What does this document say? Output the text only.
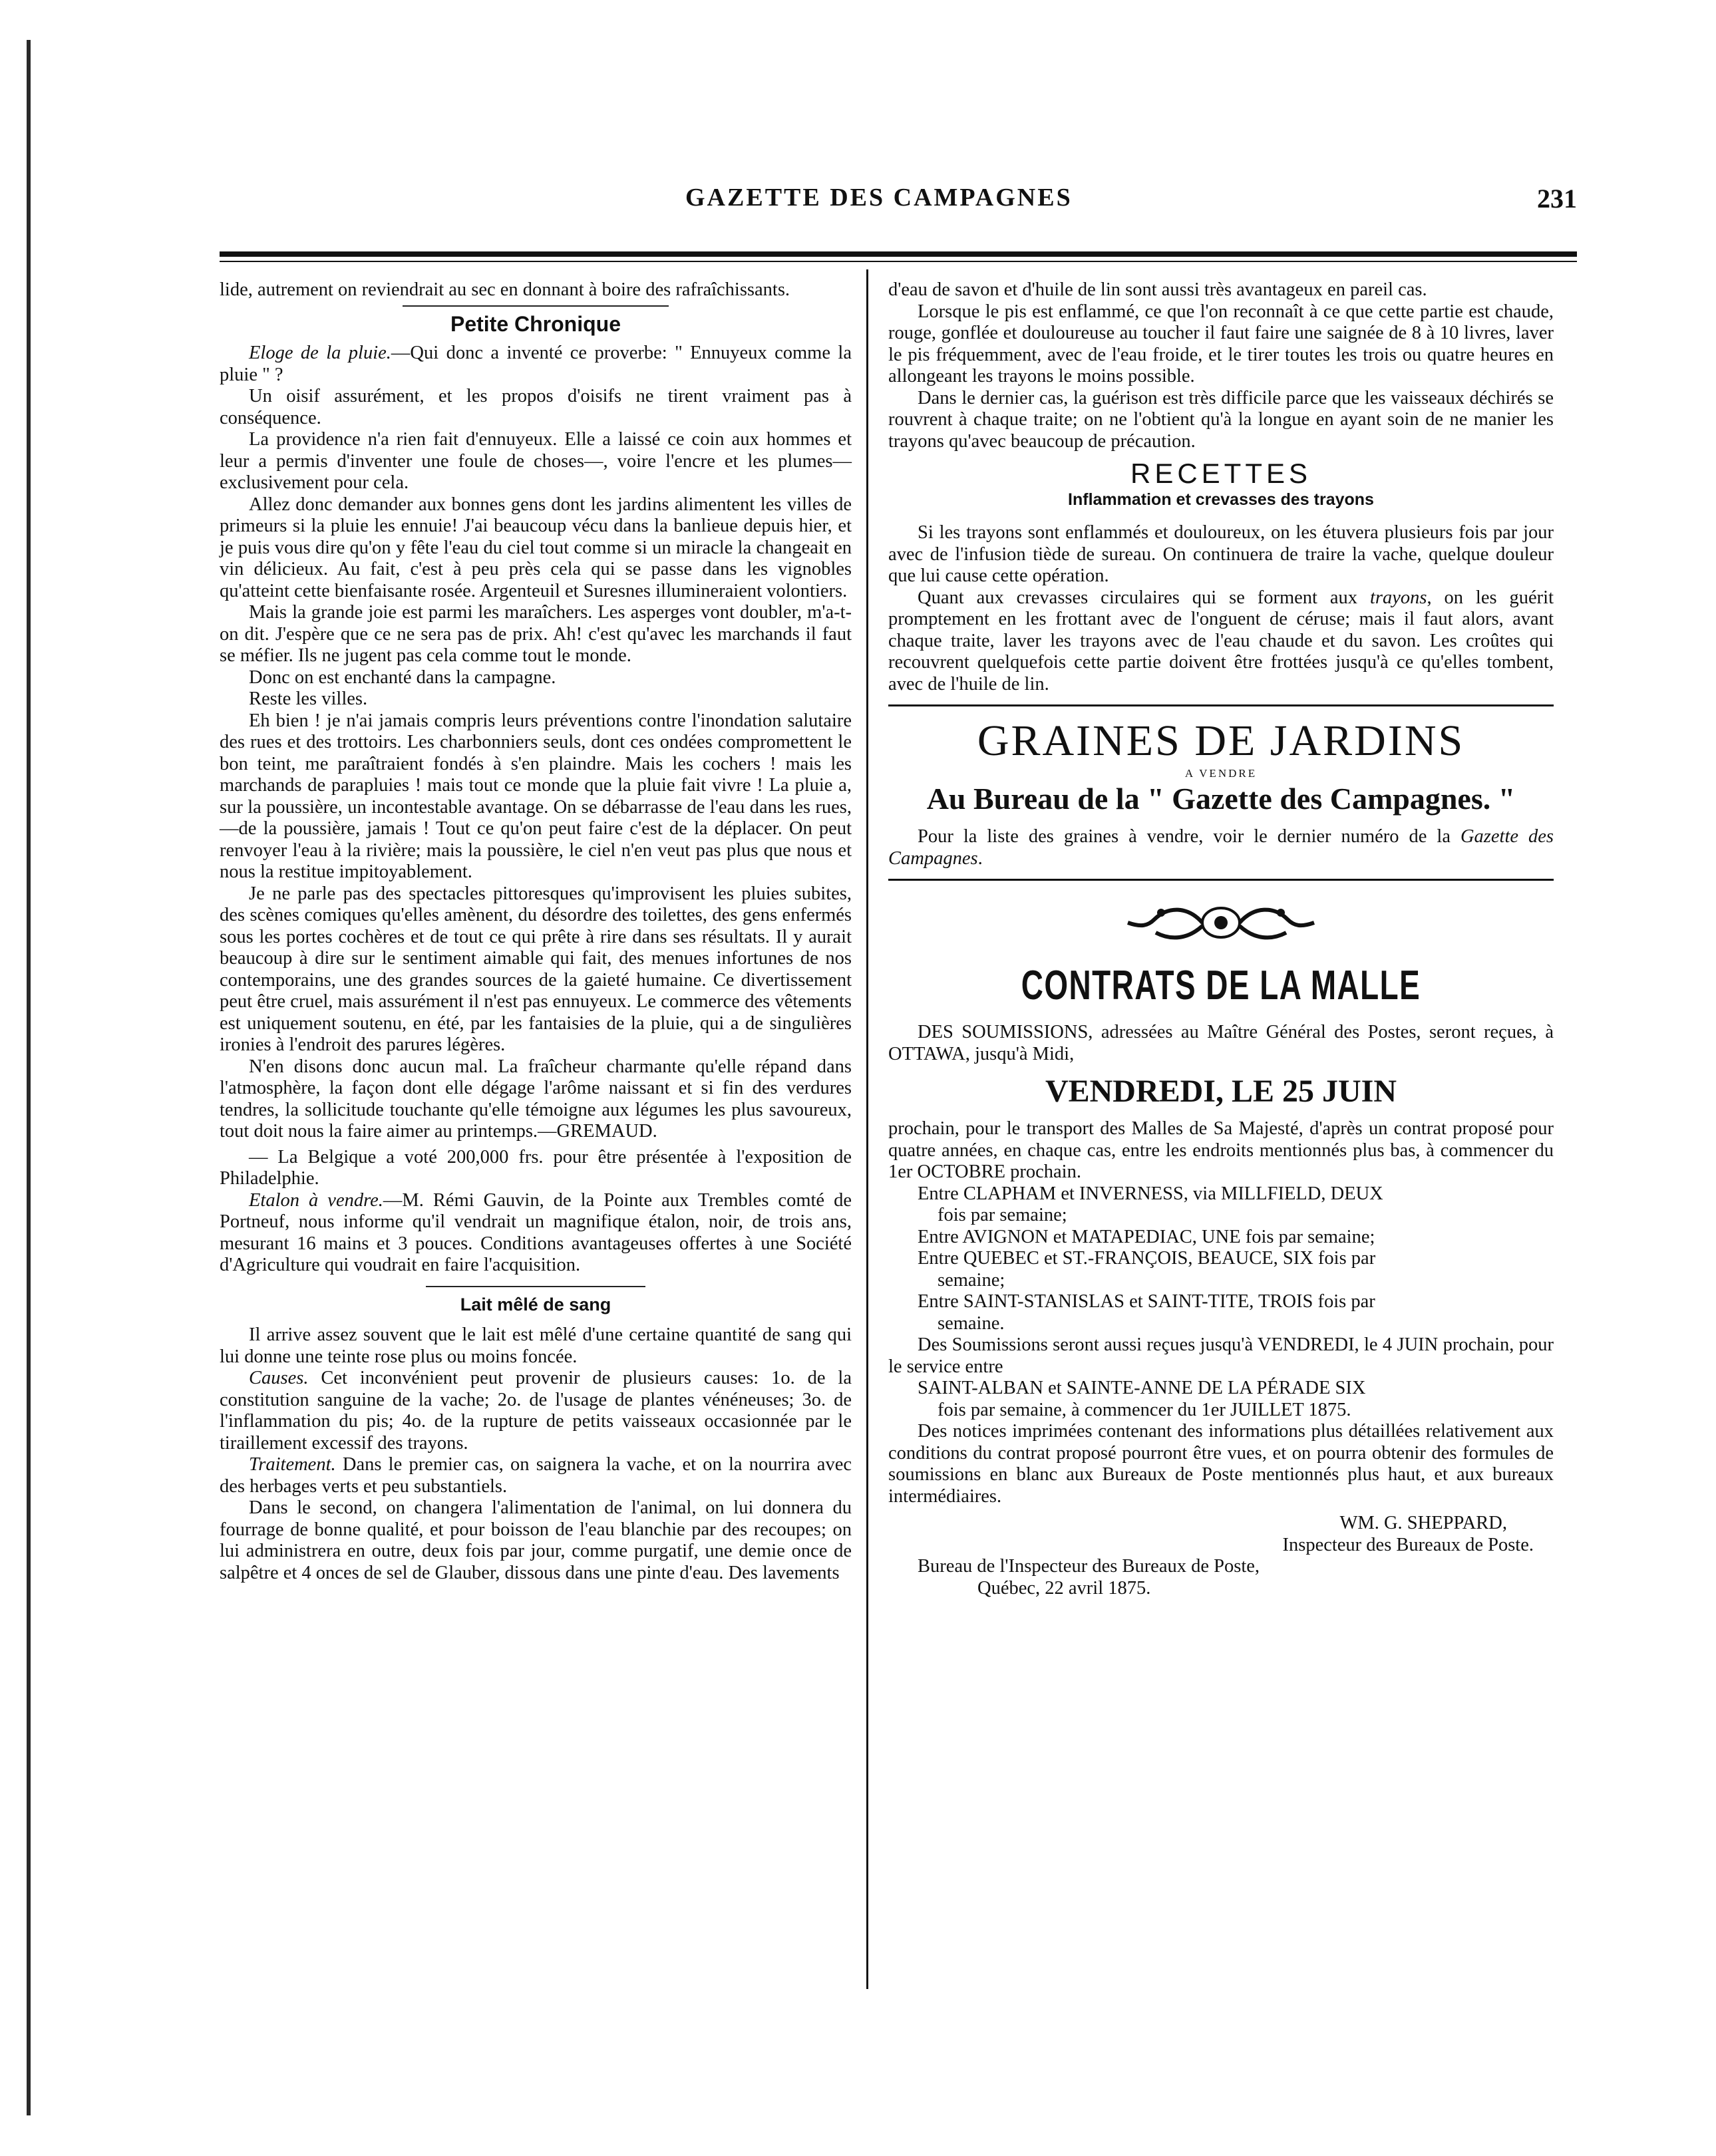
GAZETTE DES CAMPAGNES	231

lide, autrement on reviendrait au sec en donnant à boire des rafraîchissants.

Petite Chronique

Eloge de la pluie.—Qui donc a inventé ce proverbe: " Ennuyeux comme la pluie " ?

Un oisif assurément, et les propos d'oisifs ne tirent vraiment pas à conséquence.

La providence n'a rien fait d'ennuyeux. Elle a laissé ce coin aux hommes et leur a permis d'inventer une foule de choses—, voire l'encre et les plumes—exclusivement pour cela.

Allez donc demander aux bonnes gens dont les jardins alimentent les villes de primeurs si la pluie les ennuie! J'ai beaucoup vécu dans la banlieue depuis hier, et je puis vous dire qu'on y fête l'eau du ciel tout comme si un miracle la changeait en vin délicieux. Au fait, c'est à peu près cela qui se passe dans les vignobles qu'atteint cette bienfaisante rosée. Argenteuil et Suresnes illumineraient volontiers.

Mais la grande joie est parmi les maraîchers. Les asperges vont doubler, m'a-t-on dit. J'espère que ce ne sera pas de prix. Ah! c'est qu'avec les marchands il faut se méfier. Ils ne jugent pas cela comme tout le monde.

Donc on est enchanté dans la campagne.

Reste les villes.

Eh bien ! je n'ai jamais compris leurs préventions contre l'inondation salutaire des rues et des trottoirs. Les charbonniers seuls, dont ces ondées compromettent le bon teint, me paraîtraient fondés à s'en plaindre. Mais les cochers ! mais les marchands de parapluies ! mais tout ce monde que la pluie fait vivre ! La pluie a, sur la poussière, un incontestable avantage. On se débarrasse de l'eau dans les rues,—de la poussière, jamais ! Tout ce qu'on peut faire c'est de la déplacer. On peut renvoyer l'eau à la rivière; mais la poussière, le ciel n'en veut pas plus que nous et nous la restitue impitoyablement.

Je ne parle pas des spectacles pittoresques qu'improvisent les pluies subites, des scènes comiques qu'elles amènent, du désordre des toilettes, des gens enfermés sous les portes cochères et de tout ce qui prête à rire dans ses résultats. Il y aurait beaucoup à dire sur le sentiment aimable qui fait, des menues infortunes de nos contemporains, une des grandes sources de la gaieté humaine. Ce divertissement peut être cruel, mais assurément il n'est pas ennuyeux. Le commerce des vêtements est uniquement soutenu, en été, par les fantaisies de la pluie, qui a de singulières ironies à l'endroit des parures légères.

N'en disons donc aucun mal. La fraîcheur charmante qu'elle répand dans l'atmosphère, la façon dont elle dégage l'arôme naissant et si fin des verdures tendres, la sollicitude touchante qu'elle témoigne aux légumes les plus savoureux, tout doit nous la faire aimer au printemps.—GREMAUD.

— La Belgique a voté 200,000 frs. pour être présentée à l'exposition de Philadelphie.

Etalon à vendre.—M. Rémi Gauvin, de la Pointe aux Trembles comté de Portneuf, nous informe qu'il vendrait un magnifique étalon, noir, de trois ans, mesurant 16 mains et 3 pouces. Conditions avantageuses offertes à une Société d'Agriculture qui voudrait en faire l'acquisition.

Lait mêlé de sang

Il arrive assez souvent que le lait est mêlé d'une certaine quantité de sang qui lui donne une teinte rose plus ou moins foncée.

Causes. Cet inconvénient peut provenir de plusieurs causes: 1o. de la constitution sanguine de la vache; 2o. de l'usage de plantes vénéneuses; 3o. de l'inflammation du pis; 4o. de la rupture de petits vaisseaux occasionnée par le tiraillement excessif des trayons.

Traitement. Dans le premier cas, on saignera la vache, et on la nourrira avec des herbages verts et peu substantiels.

Dans le second, on changera l'alimentation de l'animal, on lui donnera du fourrage de bonne qualité, et pour boisson de l'eau blanchie par des recoupes; on lui administrera en outre, deux fois par jour, comme purgatif, une demie once de salpêtre et 4 onces de sel de Glauber, dissous dans une pinte d'eau. Des lavements

d'eau de savon et d'huile de lin sont aussi très avantageux en pareil cas.

Lorsque le pis est enflammé, ce que l'on reconnaît à ce que cette partie est chaude, rouge, gonflée et douloureuse au toucher il faut faire une saignée de 8 à 10 livres, laver le pis fréquemment, avec de l'eau froide, et le tirer toutes les trois ou quatre heures en allongeant les trayons le moins possible.

Dans le dernier cas, la guérison est très difficile parce que les vaisseaux déchirés se rouvrent à chaque traite; on ne l'obtient qu'à la longue en ayant soin de ne manier les trayons qu'avec beaucoup de précaution.

RECETTES
Inflammation et crevasses des trayons

Si les trayons sont enflammés et douloureux, on les étuvera plusieurs fois par jour avec de l'infusion tiède de sureau. On continuera de traire la vache, quelque douleur que lui cause cette opération.

Quant aux crevasses circulaires qui se forment aux trayons, on les guérit promptement en les frottant avec de l'onguent de céruse; mais il faut alors, avant chaque traite, laver les trayons avec de l'eau chaude et du savon. Les croûtes qui recouvrent quelquefois cette partie doivent être frottées jusqu'à ce qu'elles tombent, avec de l'huile de lin.

GRAINES DE JARDINS
A VENDRE
Au Bureau de la " Gazette des Campagnes. "

Pour la liste des graines à vendre, voir le dernier numéro de la Gazette des Campagnes.

CONTRATS DE LA MALLE

DES SOUMISSIONS, adressées au Maître Général des Postes, seront reçues, à OTTAWA, jusqu'à Midi,

VENDREDI, LE 25 JUIN

prochain, pour le transport des Malles de Sa Majesté, d'après un contrat proposé pour quatre années, en chaque cas, entre les endroits mentionnés plus bas, à commencer du 1er OCTOBRE prochain.

Entre CLAPHAM et INVERNESS, via MILLFIELD, DEUX
fois par semaine;

Entre AVIGNON et MATAPEDIAC, UNE fois par semaine;

Entre QUEBEC et ST.-FRANÇOIS, BEAUCE, SIX fois par
semaine;

Entre SAINT-STANISLAS et SAINT-TITE, TROIS fois par
semaine.

Des Soumissions seront aussi reçues jusqu'à VENDREDI, le 4 JUIN prochain, pour le service entre

SAINT-ALBAN et SAINTE-ANNE DE LA PÉRADE SIX
fois par semaine, à commencer du 1er JUILLET 1875.

Des notices imprimées contenant des informations plus détaillées relativement aux conditions du contrat proposé pourront être vues, et on pourra obtenir des formules de soumissions en blanc aux Bureaux de Poste mentionnés plus haut, et aux bureaux intermédiaires.

WM. G. SHEPPARD,
Inspecteur des Bureaux de Poste.

Bureau de l'Inspecteur des Bureaux de Poste,

Québec, 22 avril 1875.
